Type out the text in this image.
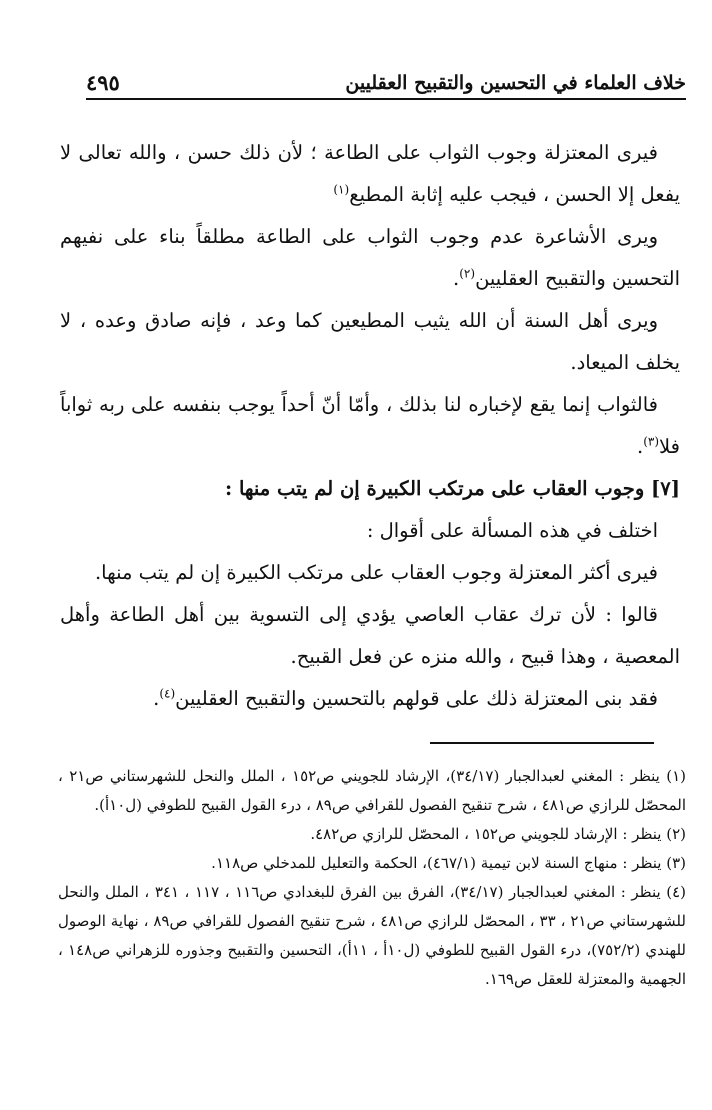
خلاف العلماء في التحسين والتقبيح العقليين
٤٩٥

فيرى المعتزلة وجوب الثواب على الطاعة ؛ لأن ذلك حسن ، والله تعالى لا يفعل إلا الحسن ، فيجب عليه إثابة المطيع$^{(١)}$

ويرى الأشاعرة عدم وجوب الثواب على الطاعة مطلقاً بناء على نفيهم التحسين والتقبيح العقليين$^{(٢)}$.

ويرى أهل السنة أن الله يثيب المطيعين كما وعد ، فإنه صادق وعده ، لا يخلف الميعاد.

فالثواب إنما يقع لإخباره لنا بذلك ، وأمّا أنّ أحداً يوجب بنفسه على ربه ثواباً فلا$^{(٣)}$.

[٧] وجوب العقاب على مرتكب الكبيرة إن لم يتب منها :

اختلف في هذه المسألة على أقوال :

فيرى أكثر المعتزلة وجوب العقاب على مرتكب الكبيرة إن لم يتب منها.

قالوا : لأن ترك عقاب العاصي يؤدي إلى التسوية بين أهل الطاعة وأهل المعصية ، وهذا قبيح ، والله منزه عن فعل القبيح.

فقد بنى المعتزلة ذلك على قولهم بالتحسين والتقبيح العقليين$^{(٤)}$.

(١) ينظر : المغني لعبدالجبار (٣٤/١٧)، الإرشاد للجويني ص١٥٢ ، الملل والنحل للشهرستاني ص٢١ ، المحصّل للرازي ص٤٨١ ، شرح تنقيح الفصول للقرافي ص٨٩ ، درء القول القبيح للطوفي (ل١٠أ).

(٢) ينظر : الإرشاد للجويني ص١٥٢ ، المحصّل للرازي ص٤٨٢.

(٣) ينظر : منهاج السنة لابن تيمية (٤٦٧/١)، الحكمة والتعليل للمدخلي ص١١٨.

(٤) ينظر : المغني لعبدالجبار (٣٤/١٧)، الفرق بين الفرق للبغدادي ص١١٦ ، ١١٧ ، ٣٤١ ، الملل والنحل للشهرستاني ص٢١ ، ٣٣ ، المحصّل للرازي ص٤٨١ ، شرح تنقيح الفصول للقرافي ص٨٩ ، نهاية الوصول للهندي (٧٥٢/٢)، درء القول القبيح للطوفي (ل١٠أ ، ١١أ)، التحسين والتقبيح وجذوره للزهراني ص١٤٨ ، الجهمية والمعتزلة للعقل ص١٦٩.
